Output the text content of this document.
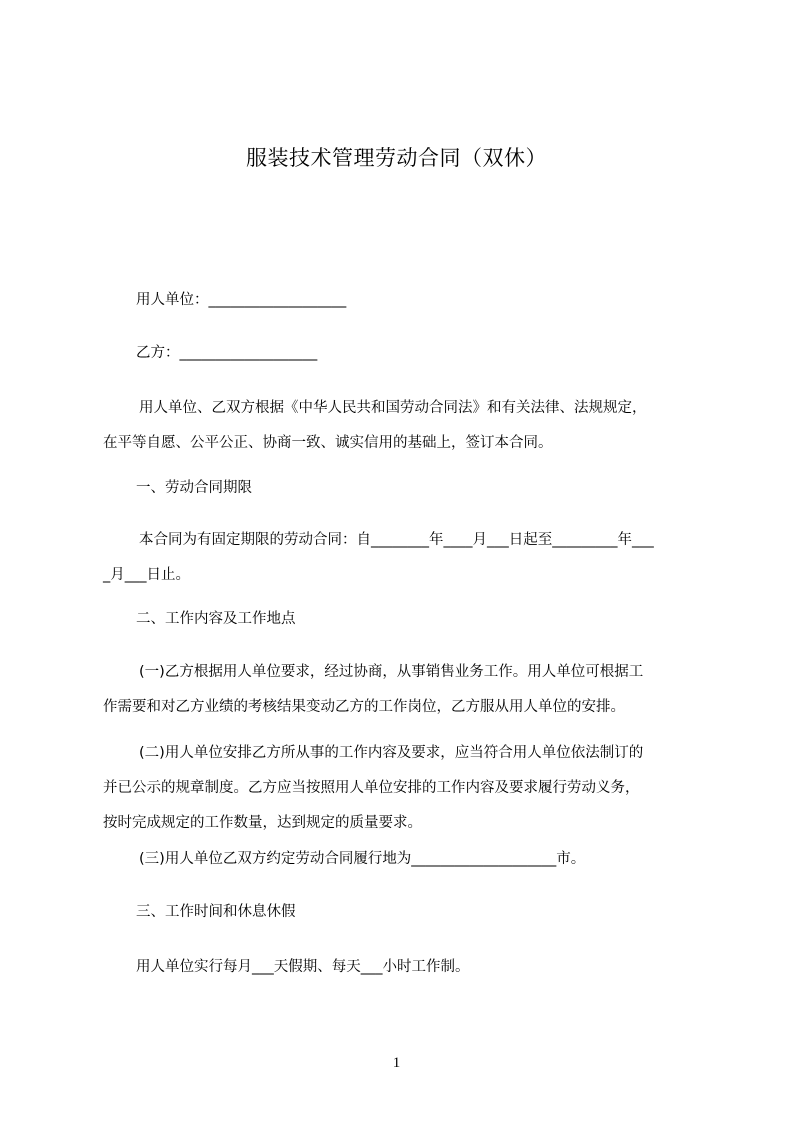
服装技术管理劳动合同（双休）
用人单位：___________________
乙方：___________________
用人单位、乙双方根据《中华人民共和国劳动合同法》和有关法律、法规规定，
在平等自愿、公平公正、协商一致、诚实信用的基础上，签订本合同。
一、劳动合同期限
本合同为有固定期限的劳动合同：自________年____月___日起至_________年___
_月___日止。
二、工作内容及工作地点
(一)乙方根据用人单位要求，经过协商，从事销售业务工作。用人单位可根据工
作需要和对乙方业绩的考核结果变动乙方的工作岗位，乙方服从用人单位的安排。
(二)用人单位安排乙方所从事的工作内容及要求，应当符合用人单位依法制订的
并已公示的规章制度。乙方应当按照用人单位安排的工作内容及要求履行劳动义务，
按时完成规定的工作数量，达到规定的质量要求。
(三)用人单位乙双方约定劳动合同履行地为____________________市。
三、工作时间和休息休假
用人单位实行每月___天假期、每天___小时工作制。
1
